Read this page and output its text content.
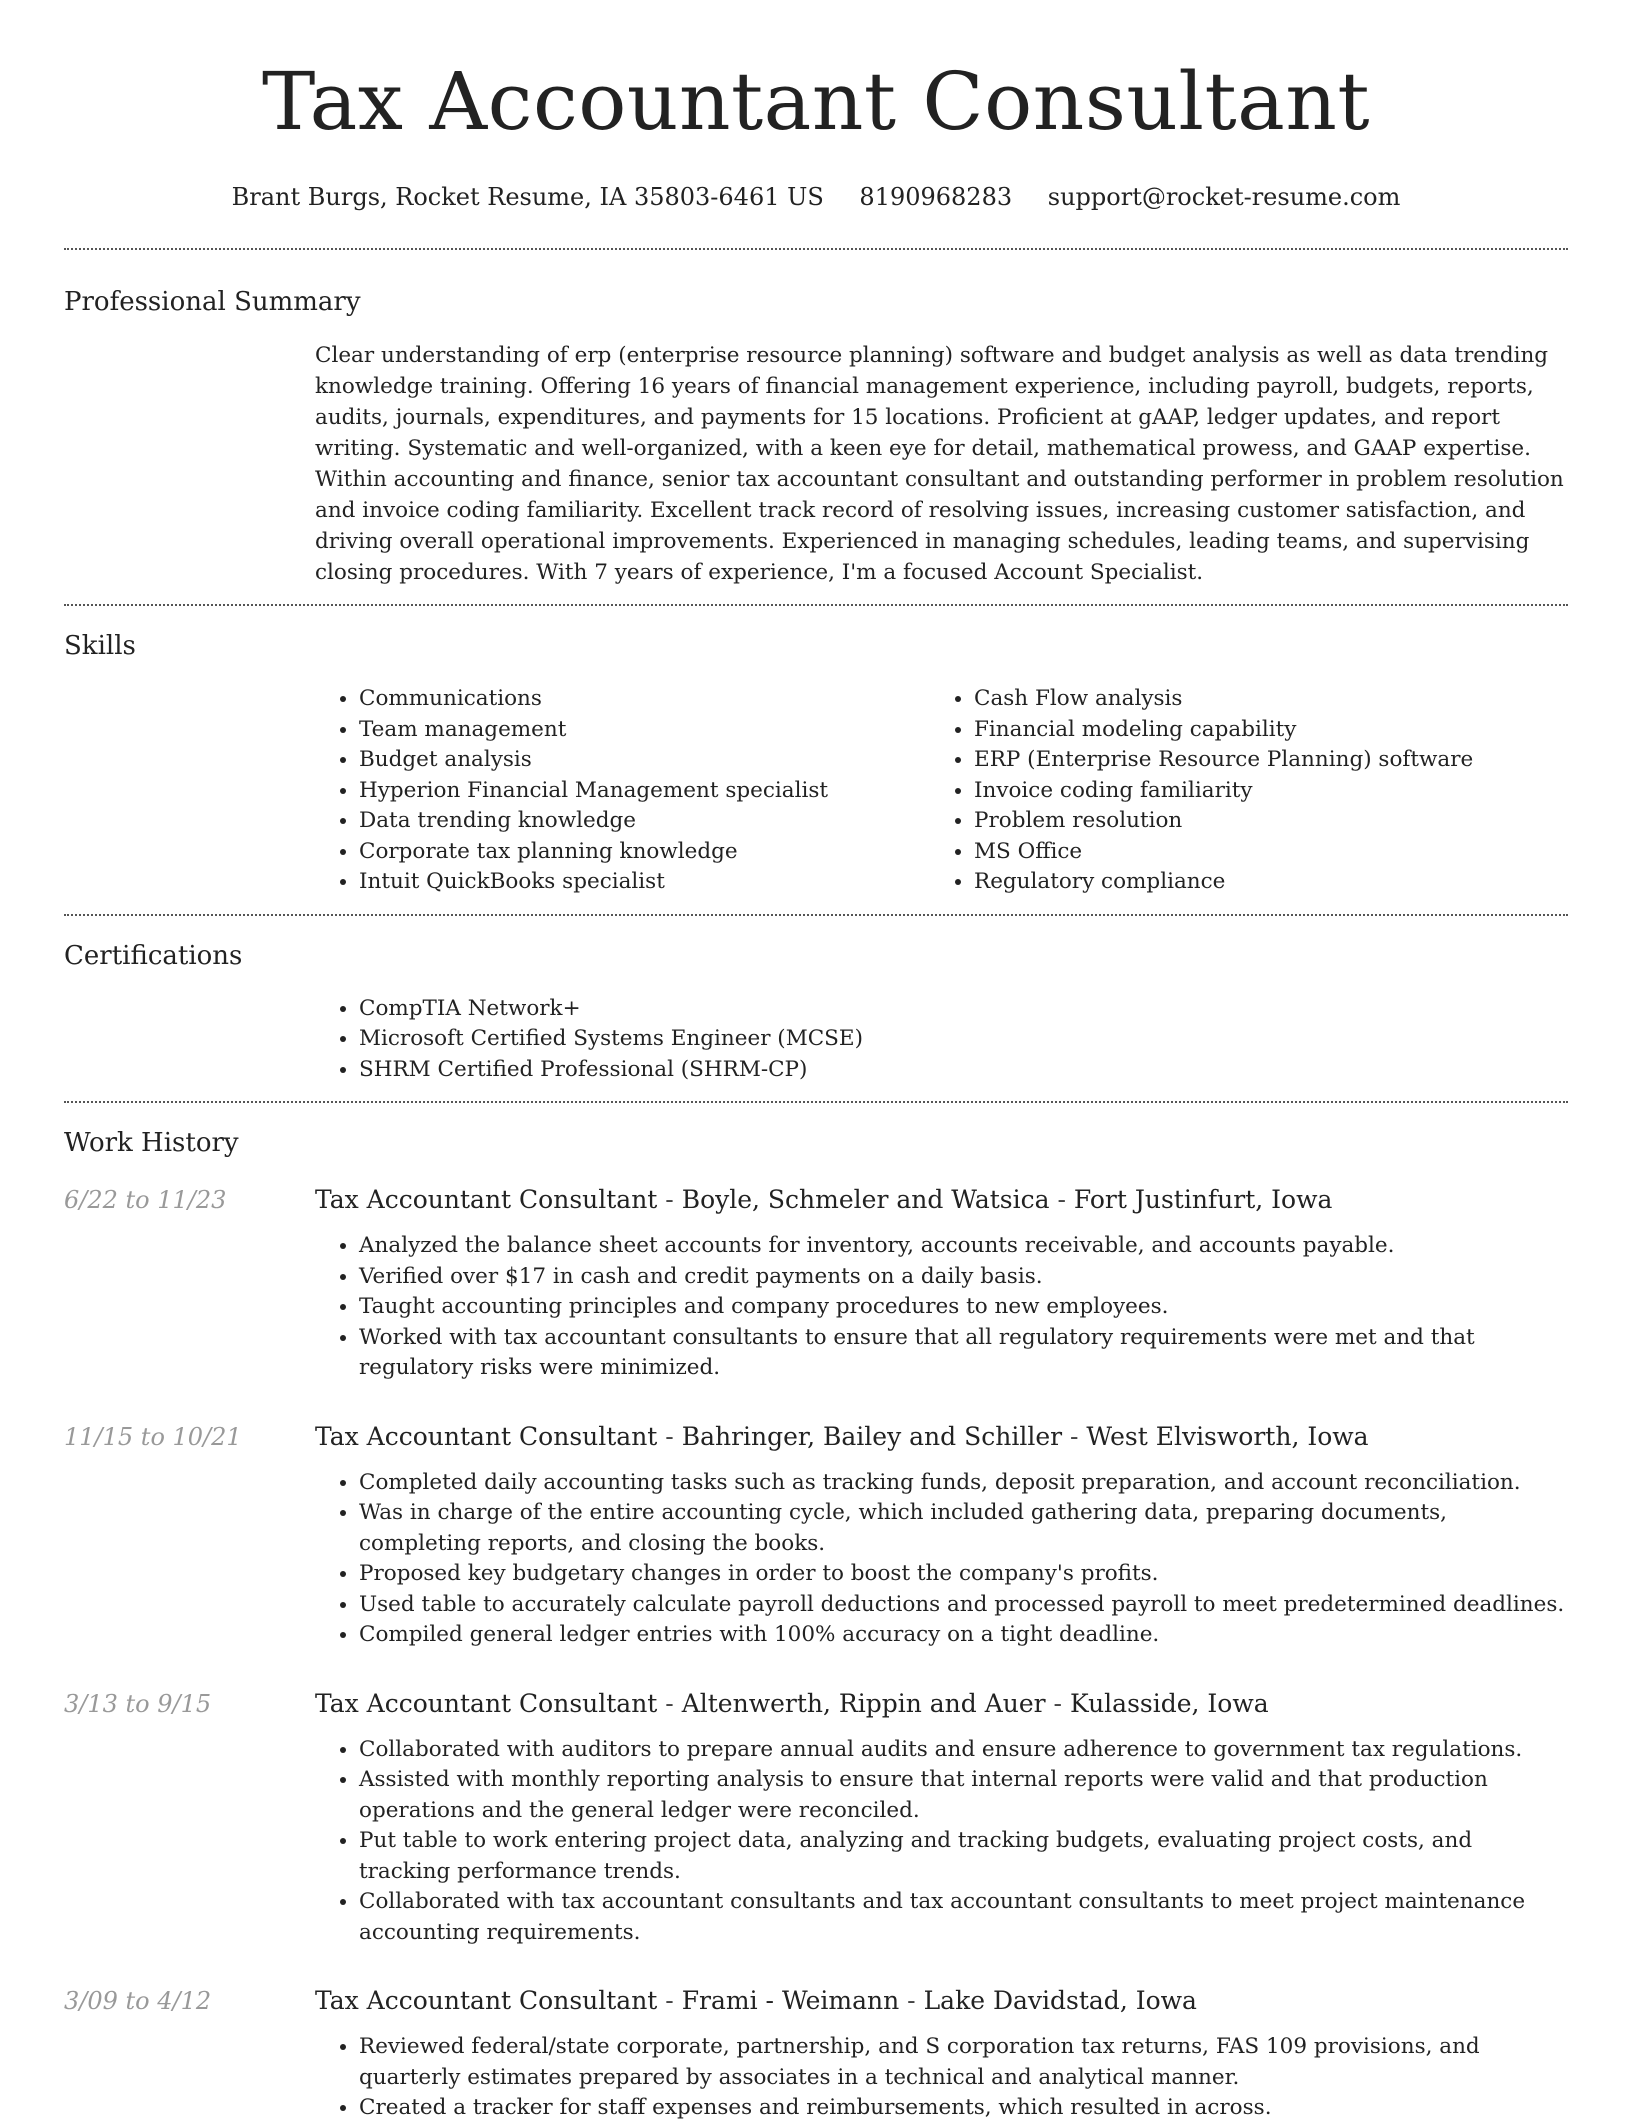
Tax Accountant Consultant
Brant Burgs, Rocket Resume, IA 35803-6461 US 8190968283 support@rocket-resume.com
Professional Summary

Clear understanding of erp (enterprise resource planning) software and budget analysis as well as data trending knowledge training. Offering 16 years of financial management experience, including payroll, budgets, reports, audits, journals, expenditures, and payments for 15 locations. Proficient at gAAP, ledger updates, and report writing. Systematic and well-organized, with a keen eye for detail, mathematical prowess, and GAAP expertise. Within accounting and finance, senior tax accountant consultant and outstanding performer in problem resolution and invoice coding familiarity. Excellent track record of resolving issues, increasing customer satisfaction, and driving overall operational improvements. Experienced in managing schedules, leading teams, and supervising closing procedures. With 7 years of experience, I'm a focused Account Specialist.

Skills
• Communications
• Team management
• Budget analysis
• Hyperion Financial Management specialist
• Data trending knowledge
• Corporate tax planning knowledge
• Intuit QuickBooks specialist
• Cash Flow analysis
• Financial modeling capability
• ERP (Enterprise Resource Planning) software
• Invoice coding familiarity
• Problem resolution
• MS Office
• Regulatory compliance
Certifications
• CompTIA Network+
• Microsoft Certified Systems Engineer (MCSE)
• SHRM Certified Professional (SHRM-CP)
Work History
6/22 to 11/23	Tax Accountant Consultant - Boyle, Schmeler and Watsica - Fort Justinfurt, Iowa
• Analyzed the balance sheet accounts for inventory, accounts receivable, and accounts payable.
• Verified over $17 in cash and credit payments on a daily basis.
• Taught accounting principles and company procedures to new employees.
• Worked with tax accountant consultants to ensure that all regulatory requirements were met and that regulatory risks were minimized.
11/15 to 10/21	Tax Accountant Consultant - Bahringer, Bailey and Schiller - West Elvisworth, Iowa
• Completed daily accounting tasks such as tracking funds, deposit preparation, and account reconciliation.
• Was in charge of the entire accounting cycle, which included gathering data, preparing documents, completing reports, and closing the books.
• Proposed key budgetary changes in order to boost the company's profits.
• Used table to accurately calculate payroll deductions and processed payroll to meet predetermined deadlines.
• Compiled general ledger entries with 100% accuracy on a tight deadline.
3/13 to 9/15	Tax Accountant Consultant - Altenwerth, Rippin and Auer - Kulasside, Iowa
• Collaborated with auditors to prepare annual audits and ensure adherence to government tax regulations.
• Assisted with monthly reporting analysis to ensure that internal reports were valid and that production operations and the general ledger were reconciled.
• Put table to work entering project data, analyzing and tracking budgets, evaluating project costs, and tracking performance trends.
• Collaborated with tax accountant consultants and tax accountant consultants to meet project maintenance accounting requirements.
3/09 to 4/12	Tax Accountant Consultant - Frami - Weimann - Lake Davidstad, Iowa
• Reviewed federal/state corporate, partnership, and S corporation tax returns, FAS 109 provisions, and quarterly estimates prepared by associates in a technical and analytical manner.
• Created a tracker for staff expenses and reimbursements, which resulted in across.
